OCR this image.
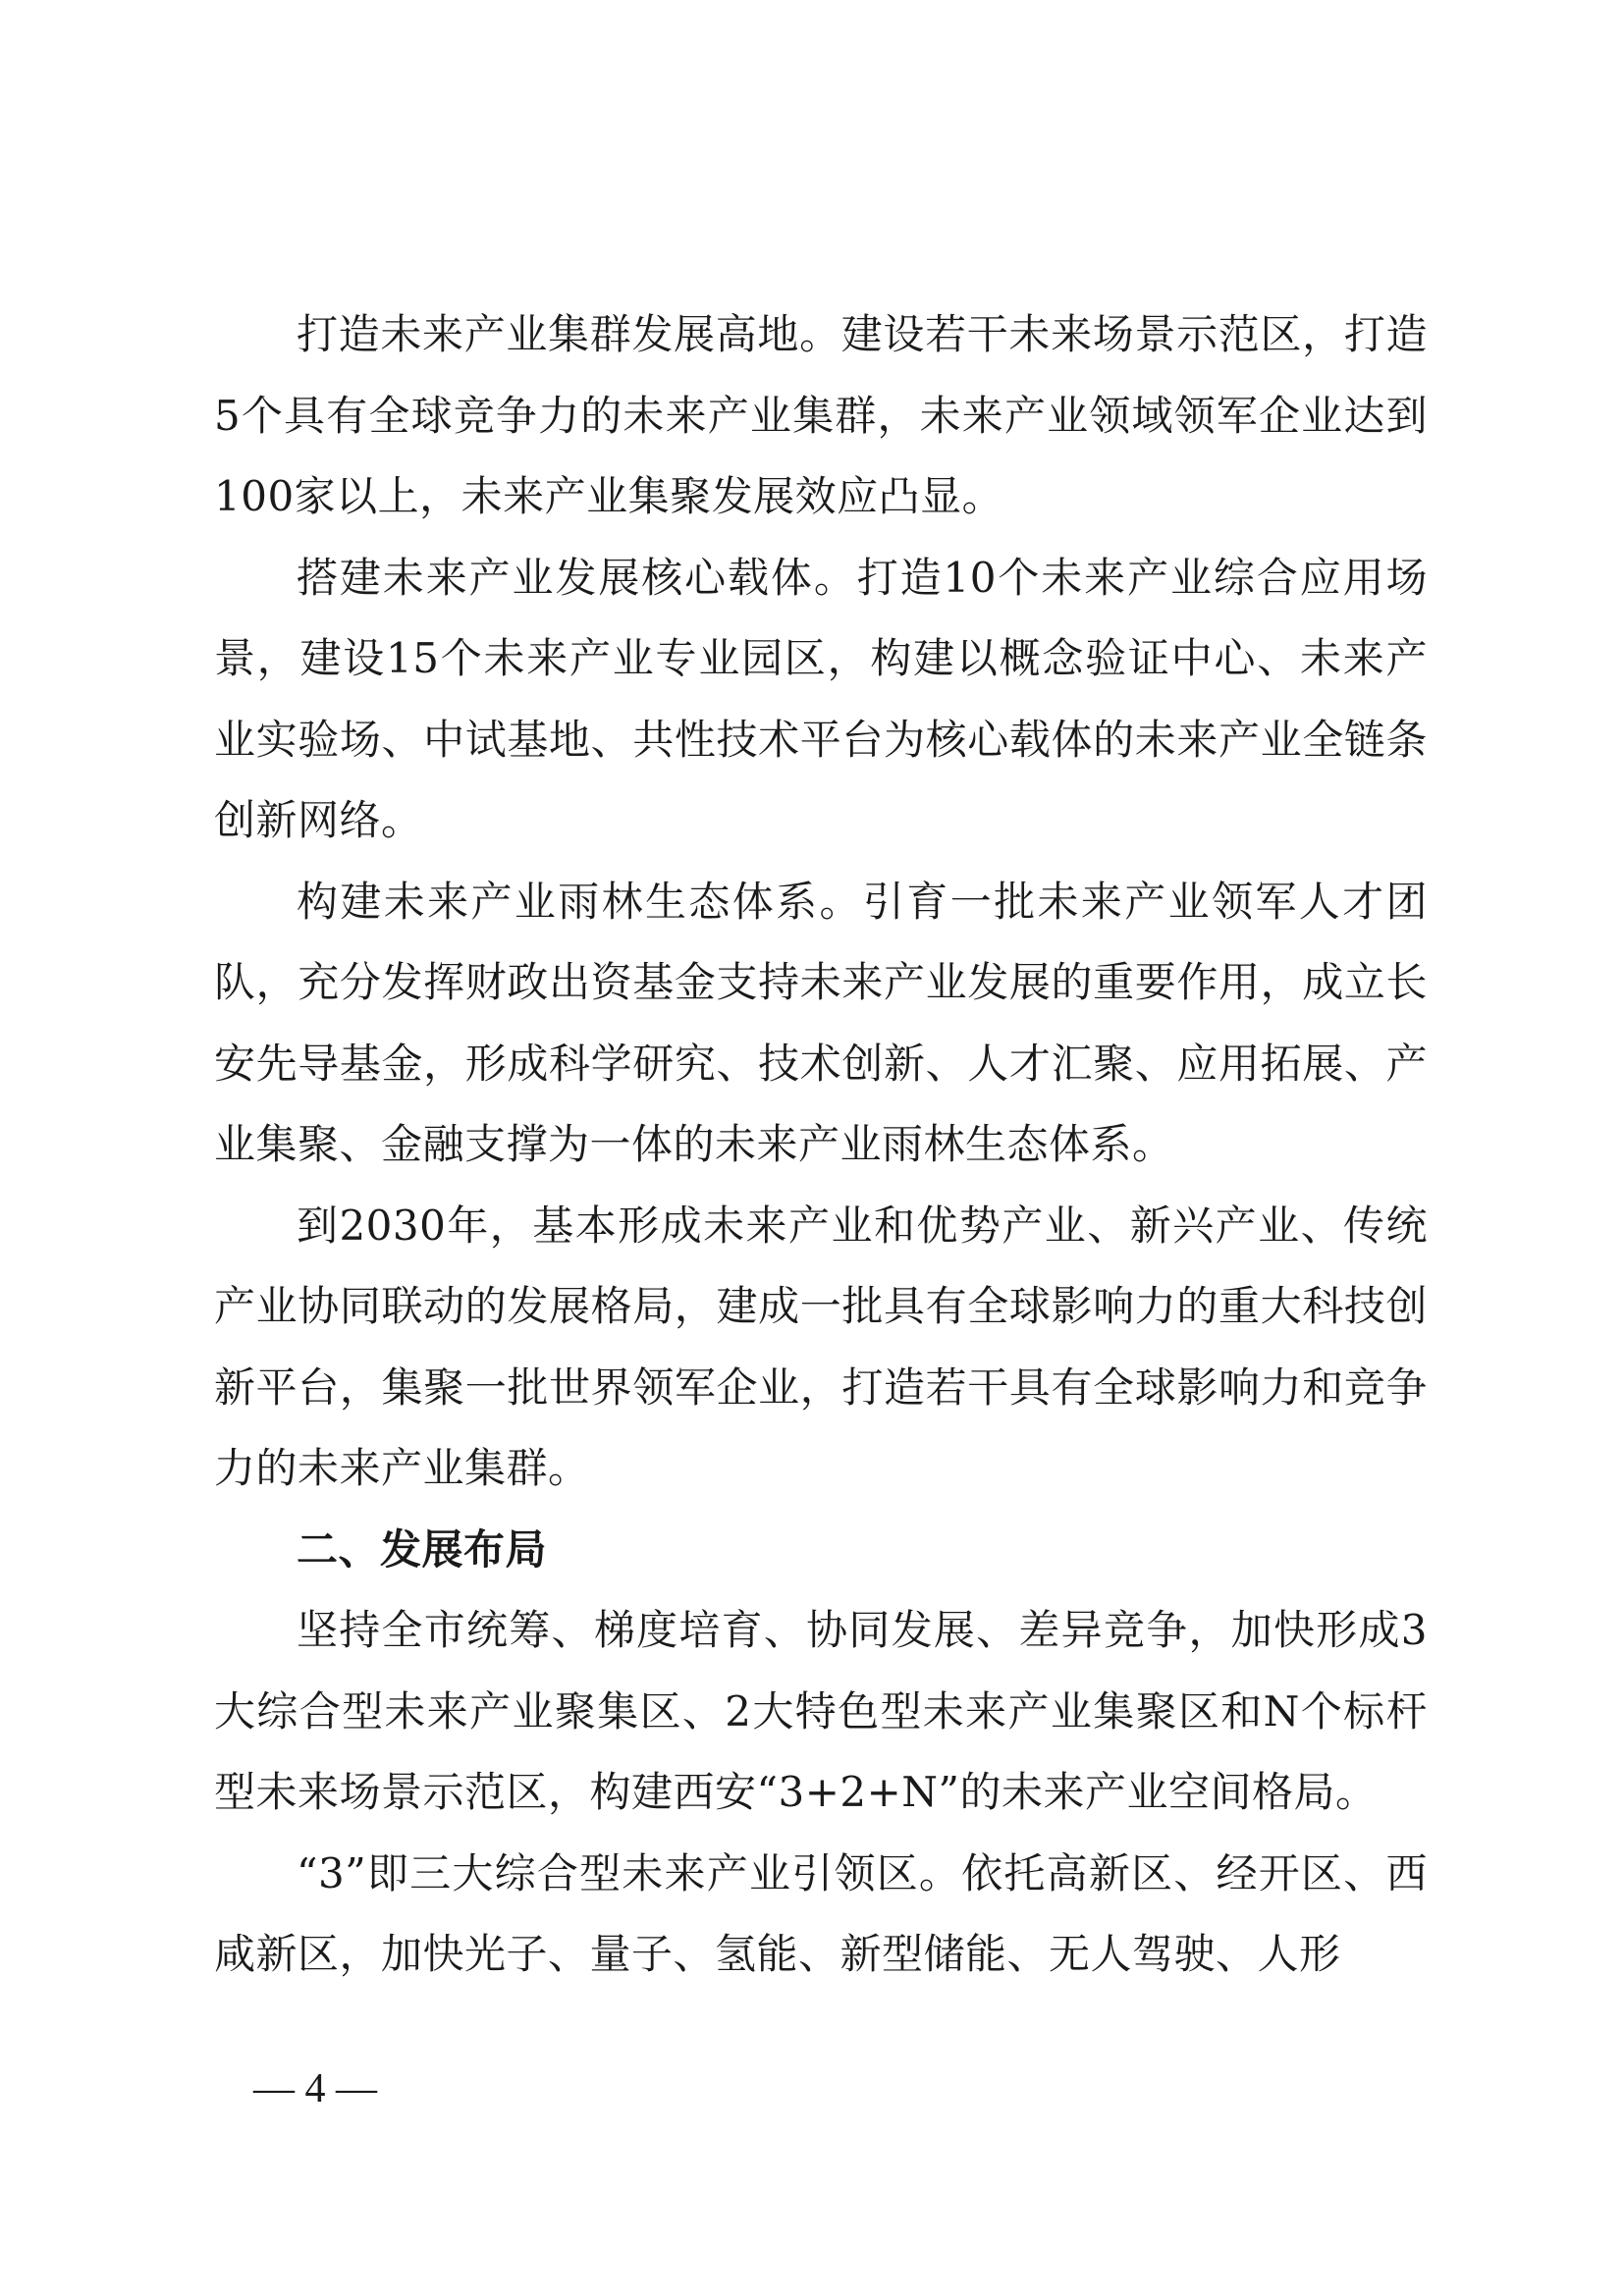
打造未来产业集群发展高地。建设若干未来场景示范区，打造5个具有全球竞争力的未来产业集群，未来产业领域领军企业达到100家以上，未来产业集聚发展效应凸显。

搭建未来产业发展核心载体。打造10个未来产业综合应用场景，建设15个未来产业专业园区，构建以概念验证中心、未来产业实验场、中试基地、共性技术平台为核心载体的未来产业全链条创新网络。

构建未来产业雨林生态体系。引育一批未来产业领军人才团队，充分发挥财政出资基金支持未来产业发展的重要作用，成立长安先导基金，形成科学研究、技术创新、人才汇聚、应用拓展、产业集聚、金融支撑为一体的未来产业雨林生态体系。

到2030年，基本形成未来产业和优势产业、新兴产业、传统产业协同联动的发展格局，建成一批具有全球影响力的重大科技创新平台，集聚一批世界领军企业，打造若干具有全球影响力和竞争力的未来产业集群。

二、发展布局

坚持全市统筹、梯度培育、协同发展、差异竞争，加快形成3大综合型未来产业聚集区、2大特色型未来产业集聚区和N个标杆型未来场景示范区，构建西安“3+2+N”的未来产业空间格局。

“3”即三大综合型未来产业引领区。依托高新区、经开区、西咸新区，加快光子、量子、氢能、新型储能、无人驾驶、人形

— 4 —
